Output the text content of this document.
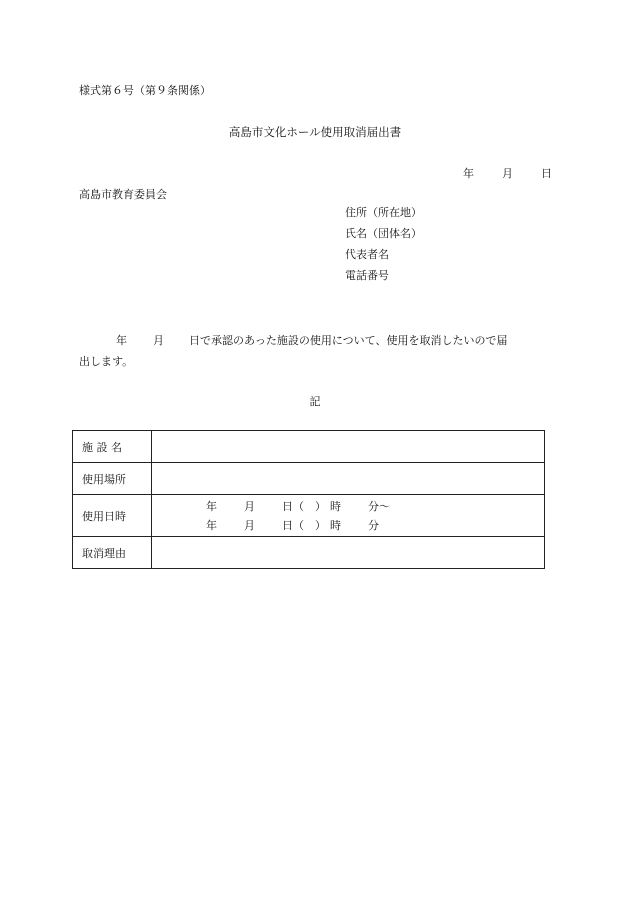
様式第６号（第９条関係）
高島市文化ホール使用取消届出書
年	月	日
高島市教育委員会
住所（所在地）
氏名（団体名）
代表者名
電話番号
年 月 日で承認のあった施設の使用について、使用を取消したいので届
出します。
記
施 設 名	
使用場所	
使用日時	年 月 日（　） 時 分～
年 月 日（　） 時 分

取消理由	
